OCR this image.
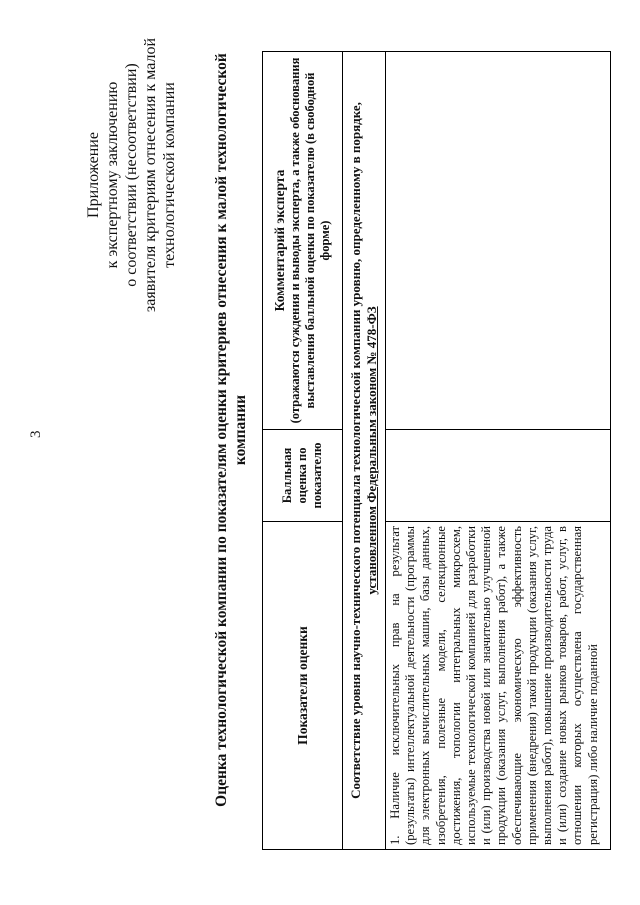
3
Приложение к экспертному заключению о соответствии (несоответствии) заявителя критериям отнесения к малой технологической компании Оценка технологической компании по показателям оценки критериев отнесения к малой технологической компании
Показатели оценки	Балльная оценка по показателю	Комментарий эксперта (отражаются суждения и выводы эксперта, а также обоснования выставления балльной оценки по показателю (в свободной форме)

Соответствие уровня научно-технического потенциала технологической компании уровню, определенному в порядке, установленном Федеральным законом № 478-ФЗ		

1. Наличие исключительных прав на результат (результаты) интеллектуальной деятельности (программы для электронных вычислительных машин, базы данных, изобретения, полезные модели, селекционные достижения, топологии интегральных микросхем, используемые технологической компанией для разработки и (или) производства новой или значительно улучшенной продукции (оказания услуг, выполнения работ), а также обеспечивающие экономическую эффективность применения (внедрения) такой продукции (оказания услуг, выполнения работ), повышение производительности труда и (или) создание новых рынков товаров, работ, услуг, в отношении которых осуществлена государственная регистрация) либо наличие поданной		
